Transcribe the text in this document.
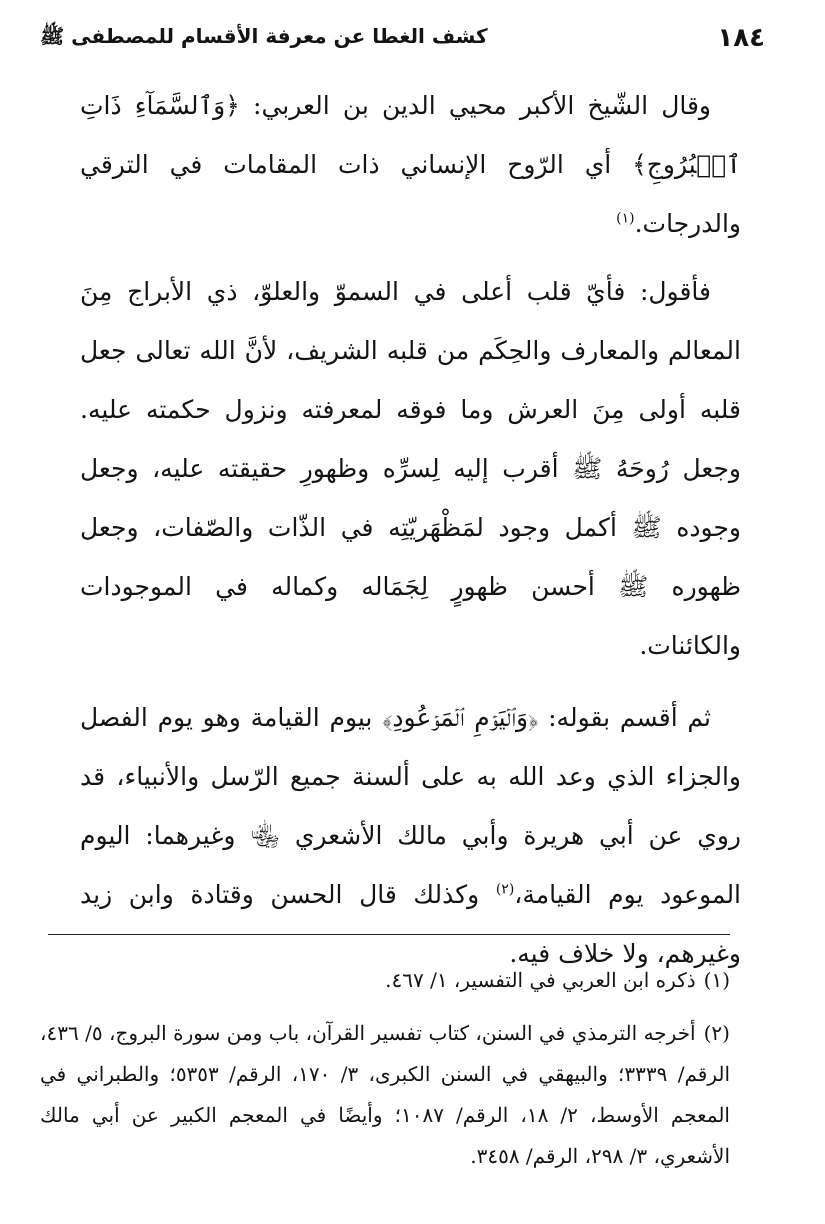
١٨٤
كشف الغطا عن معرفة الأقسام للمصطفى ﷺ

وقال الشّيخ الأكبر محيي الدين بن العربي: ﴿وَٱلسَّمَآءِ ذَاتِ ٱلۡبُرُوجِ﴾ أي الرّوح الإنساني ذات المقامات في الترقي والدرجات.$^{(١)}$

فأقول: فأيّ قلب أعلى في السموّ والعلوّ، ذي الأبراج مِنَ المعالم والمعارف والحِكَم من قلبه الشريف، لأنَّ الله تعالى جعل قلبه أولى مِنَ العرش وما فوقه لمعرفته ونزول حكمته عليه. وجعل رُوحَهُ ﷺ أقرب إليه لِسرِّه وظهورِ حقيقته عليه، وجعل وجوده ﷺ أكمل وجود لمَظْهَريّتِه في الذّات والصّفات، وجعل ظهوره ﷺ أحسن ظهورٍ لِجَمَاله وكماله في الموجودات والكائنات.

ثم أقسم بقوله: ﴿وَٱلۡيَوۡمِ ٱلۡمَوۡعُودِ﴾ بيوم القيامة وهو يوم الفصل والجزاء الذي وعد الله به على ألسنة جميع الرّسل والأنبياء، قد روي عن أبي هريرة وأبي مالك الأشعري ﵄ وغيرهما: اليوم الموعود يوم القيامة،$^{(٢)}$ وكذلك قال الحسن وقتادة وابن زيد وغيرهم، ولا خلاف فيه.

(١)ذكره ابن العربي في التفسير، ١/ ٤٦٧.

(٢)أخرجه الترمذي في السنن، كتاب تفسير القرآن، باب ومن سورة البروج، ٥/ ٤٣٦، الرقم/ ٣٣٣٩؛ والبيهقي في السنن الكبرى، ٣/ ١٧٠، الرقم/ ٥٣٥٣؛ والطبراني في المعجم الأوسط، ٢/ ١٨، الرقم/ ١٠٨٧؛ وأيضًا في المعجم الكبير عن أبي مالك الأشعري، ٣/ ٢٩٨، الرقم/ ٣٤٥٨.
